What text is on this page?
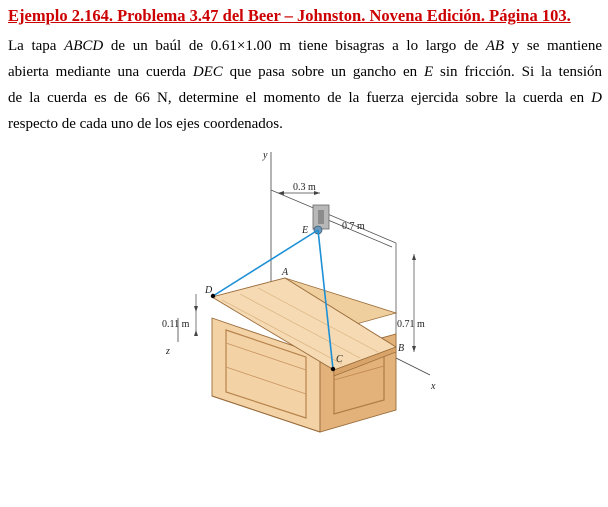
Ejemplo 2.164. Problema 3.47 del Beer – Johnston. Novena Edición. Página 103.
La tapa ABCD de un baúl de 0.61×1.00 m tiene bisagras a lo largo de AB y se mantiene
abierta mediante una cuerda DEC que pasa sobre un gancho en E sin fricción. Si la tensión
de la cuerda es de 66 N, determine el momento de la fuerza ejercida sobre la cuerda en D
respecto de cada uno de los ejes coordenados.
y
x
z
0.3 m
0.7 m
0.71 m
0.11 m
E
D
C
A
B
